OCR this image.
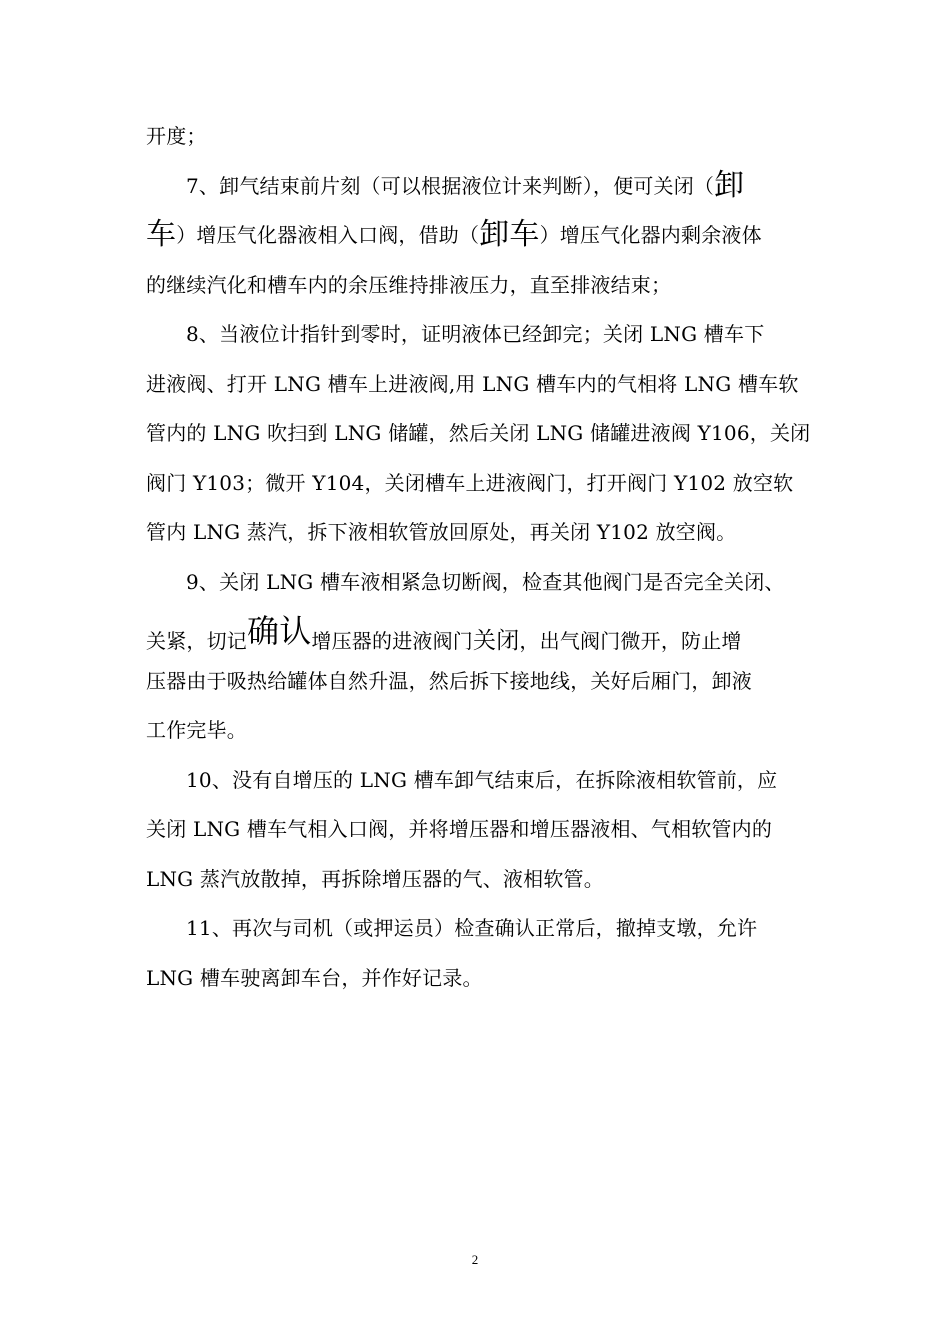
开度；
7、卸气结束前片刻（可以根据液位计来判断），便可关闭（卸
车）增压气化器液相入口阀，借助（卸车）增压气化器内剩余液体
的继续汽化和槽车内的余压维持排液压力，直至排液结束；
8、当液位计指针到零时，证明液体已经卸完；关闭 LNG 槽车下
进液阀、打开 LNG 槽车上进液阀,用 LNG 槽车内的气相将 LNG 槽车软
管内的 LNG 吹扫到 LNG 储罐，然后关闭 LNG 储罐进液阀 Y106，关闭
阀门 Y103；微开 Y104，关闭槽车上进液阀门，打开阀门 Y102 放空软
管内 LNG 蒸汽，拆下液相软管放回原处，再关闭 Y102 放空阀。
9、关闭 LNG 槽车液相紧急切断阀，检查其他阀门是否完全关闭、
关紧，切记确认增压器的进液阀门关闭，出气阀门微开，防止增
压器由于吸热给罐体自然升温，然后拆下接地线，关好后厢门，卸液
工作完毕。
10、没有自增压的 LNG 槽车卸气结束后，在拆除液相软管前，应
关闭 LNG 槽车气相入口阀，并将增压器和增压器液相、气相软管内的
LNG 蒸汽放散掉，再拆除增压器的气、液相软管。
11、再次与司机（或押运员）检查确认正常后，撤掉支墩，允许
LNG 槽车驶离卸车台，并作好记录。
2
